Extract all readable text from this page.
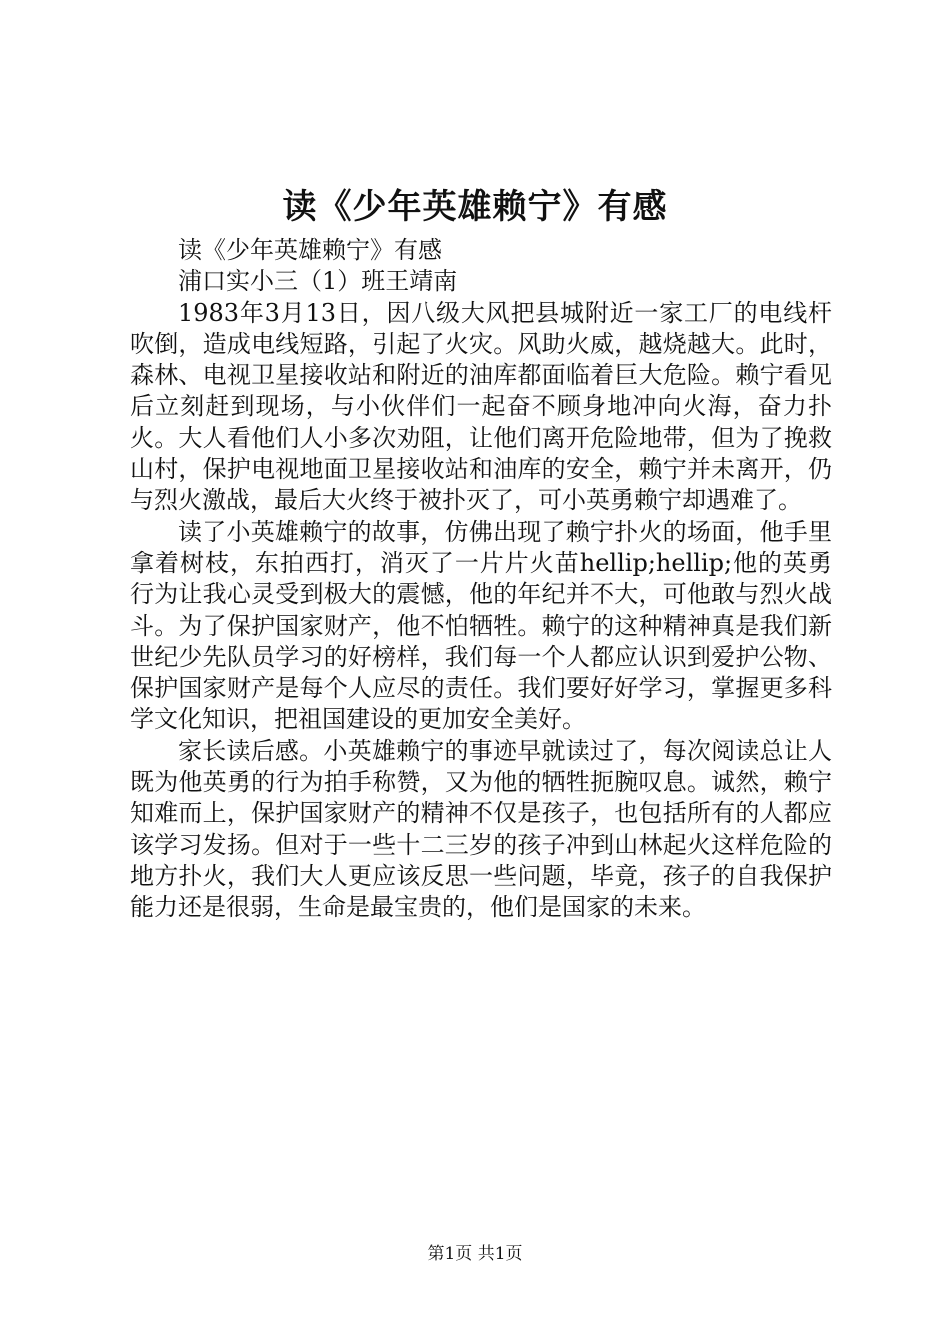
读《少年英雄赖宁》有感

读《少年英雄赖宁》有感

浦口实小三（1）班王靖南

1983年3月13日，因八级大风把县城附近一家工厂的电线杆吹倒，造成电线短路，引起了火灾。风助火威，越烧越大。此时，森林、电视卫星接收站和附近的油库都面临着巨大危险。赖宁看见后立刻赶到现场，与小伙伴们一起奋不顾身地冲向火海，奋力扑火。大人看他们人小多次劝阻，让他们离开危险地带，但为了挽救山村，保护电视地面卫星接收站和油库的安全，赖宁并未离开，仍与烈火激战，最后大火终于被扑灭了，可小英勇赖宁却遇难了。

读了小英雄赖宁的故事，仿佛出现了赖宁扑火的场面，他手里拿着树枝，东拍西打，消灭了一片片火苗hellip;hellip;他的英勇行为让我心灵受到极大的震憾，他的年纪并不大，可他敢与烈火战斗。为了保护国家财产，他不怕牺牲。赖宁的这种精神真是我们新世纪少先队员学习的好榜样，我们每一个人都应认识到爱护公物、保护国家财产是每个人应尽的责任。我们要好好学习，掌握更多科学文化知识，把祖国建设的更加安全美好。

家长读后感。小英雄赖宁的事迹早就读过了，每次阅读总让人既为他英勇的行为拍手称赞，又为他的牺牲扼腕叹息。诚然，赖宁知难而上，保护国家财产的精神不仅是孩子，也包括所有的人都应该学习发扬。但对于一些十二三岁的孩子冲到山林起火这样危险的地方扑火，我们大人更应该反思一些问题，毕竟，孩子的自我保护能力还是很弱，生命是最宝贵的，他们是国家的未来。

第1页 共1页
